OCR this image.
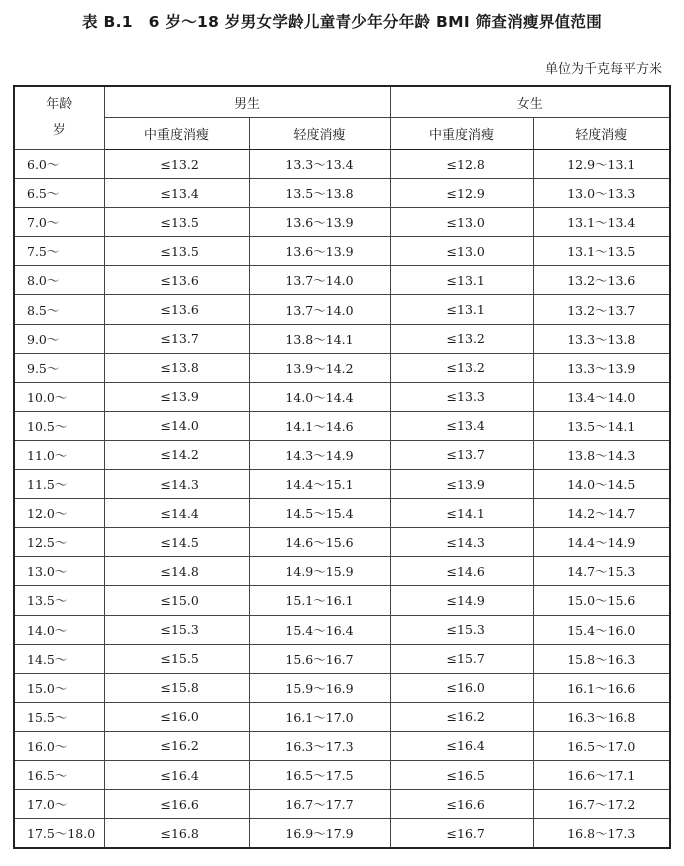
表 B.1　6 岁～18 岁男女学龄儿童青少年分年龄 BMI 筛查消瘦界值范围
单位为千克每平方米
年龄
岁	男生		女生	
	中重度消瘦	轻度消瘦	中重度消瘦	轻度消瘦
6.0～	≤13.2	13.3～13.4	≤12.8	12.9～13.1
6.5～	≤13.4	13.5～13.8	≤12.9	13.0～13.3
7.0～	≤13.5	13.6～13.9	≤13.0	13.1～13.4
7.5～	≤13.5	13.6～13.9	≤13.0	13.1～13.5
8.0～	≤13.6	13.7～14.0	≤13.1	13.2～13.6
8.5～	≤13.6	13.7～14.0	≤13.1	13.2～13.7
9.0～	≤13.7	13.8～14.1	≤13.2	13.3～13.8
9.5～	≤13.8	13.9～14.2	≤13.2	13.3～13.9
10.0～	≤13.9	14.0～14.4	≤13.3	13.4～14.0
10.5～	≤14.0	14.1～14.6	≤13.4	13.5～14.1
11.0～	≤14.2	14.3～14.9	≤13.7	13.8～14.3
11.5～	≤14.3	14.4～15.1	≤13.9	14.0～14.5
12.0～	≤14.4	14.5～15.4	≤14.1	14.2～14.7
12.5～	≤14.5	14.6～15.6	≤14.3	14.4～14.9
13.0～	≤14.8	14.9～15.9	≤14.6	14.7～15.3
13.5～	≤15.0	15.1～16.1	≤14.9	15.0～15.6
14.0～	≤15.3	15.4～16.4	≤15.3	15.4～16.0
14.5～	≤15.5	15.6～16.7	≤15.7	15.8～16.3
15.0～	≤15.8	15.9～16.9	≤16.0	16.1～16.6
15.5～	≤16.0	16.1～17.0	≤16.2	16.3～16.8
16.0～	≤16.2	16.3～17.3	≤16.4	16.5～17.0
16.5～	≤16.4	16.5～17.5	≤16.5	16.6～17.1
17.0～	≤16.6	16.7～17.7	≤16.6	16.7～17.2
17.5～18.0	≤16.8	16.9～17.9	≤16.7	16.8～17.3
